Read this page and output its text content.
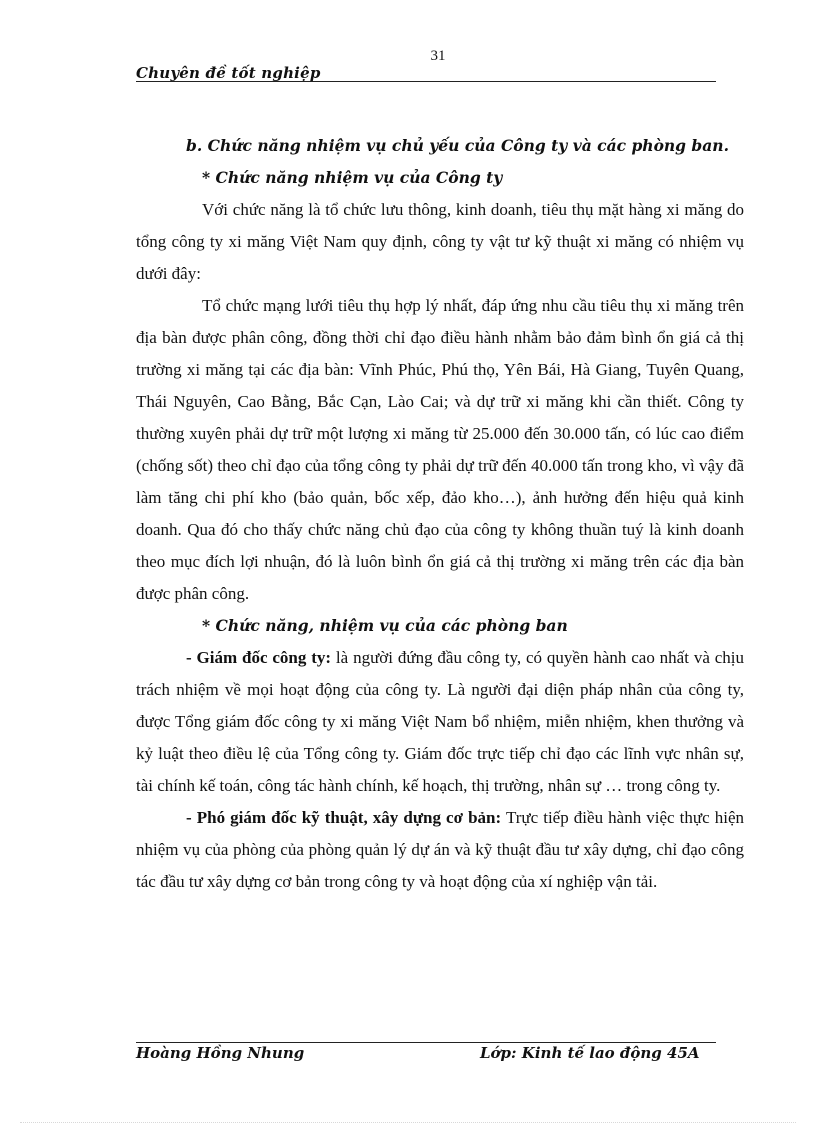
31
Chuyên đề tốt nghiệp

b. Chức năng nhiệm vụ chủ yếu của Công ty và các phòng ban.

* Chức năng nhiệm vụ của Công ty

Với chức năng là tổ chức lưu thông, kinh doanh, tiêu thụ mặt hàng xi măng do tổng công ty xi măng Việt Nam quy định, công ty vật tư kỹ thuật xi măng có nhiệm vụ dưới đây:

Tổ chức mạng lưới tiêu thụ hợp lý nhất, đáp ứng nhu cầu tiêu thụ xi măng trên địa bàn được phân công, đồng thời chỉ đạo điều hành nhằm bảo đảm bình ổn giá cả thị trường xi măng tại các địa bàn: Vĩnh Phúc, Phú thọ, Yên Bái, Hà Giang, Tuyên Quang, Thái Nguyên, Cao Bằng, Bắc Cạn, Lào Cai; và dự trữ xi măng khi cần thiết. Công ty thường xuyên phải dự trữ một lượng xi măng từ 25.000 đến 30.000 tấn, có lúc cao điểm (chống sốt) theo chỉ đạo của tổng công ty phải dự trữ đến 40.000 tấn trong kho, vì vậy đã làm tăng chi phí kho (bảo quản, bốc xếp, đảo kho…), ảnh hưởng đến hiệu quả kinh doanh. Qua đó cho thấy chức năng chủ đạo của công ty không thuần tuý là kinh doanh theo mục đích lợi nhuận, đó là luôn bình ổn giá cả thị trường xi măng trên các địa bàn được phân công.

* Chức năng, nhiệm vụ của các phòng ban

- Giám đốc công ty: là người đứng đầu công ty, có quyền hành cao nhất và chịu trách nhiệm về mọi hoạt động của công ty. Là người đại diện pháp nhân của công ty, được Tổng giám đốc công ty xi măng Việt Nam bổ nhiệm, miễn nhiệm, khen thưởng và kỷ luật theo điều lệ của Tổng công ty. Giám đốc trực tiếp chỉ đạo các lĩnh vực nhân sự, tài chính kế toán, công tác hành chính, kế hoạch, thị trường, nhân sự … trong công ty.

- Phó giám đốc kỹ thuật, xây dựng cơ bản: Trực tiếp điều hành việc thực hiện nhiệm vụ của phòng của phòng quản lý dự án và kỹ thuật đầu tư xây dựng, chỉ đạo công tác đầu tư xây dựng cơ bản trong công ty và hoạt động của xí nghiệp vận tải.

Hoàng Hồng Nhung	Lớp: Kinh tế lao động 45A
